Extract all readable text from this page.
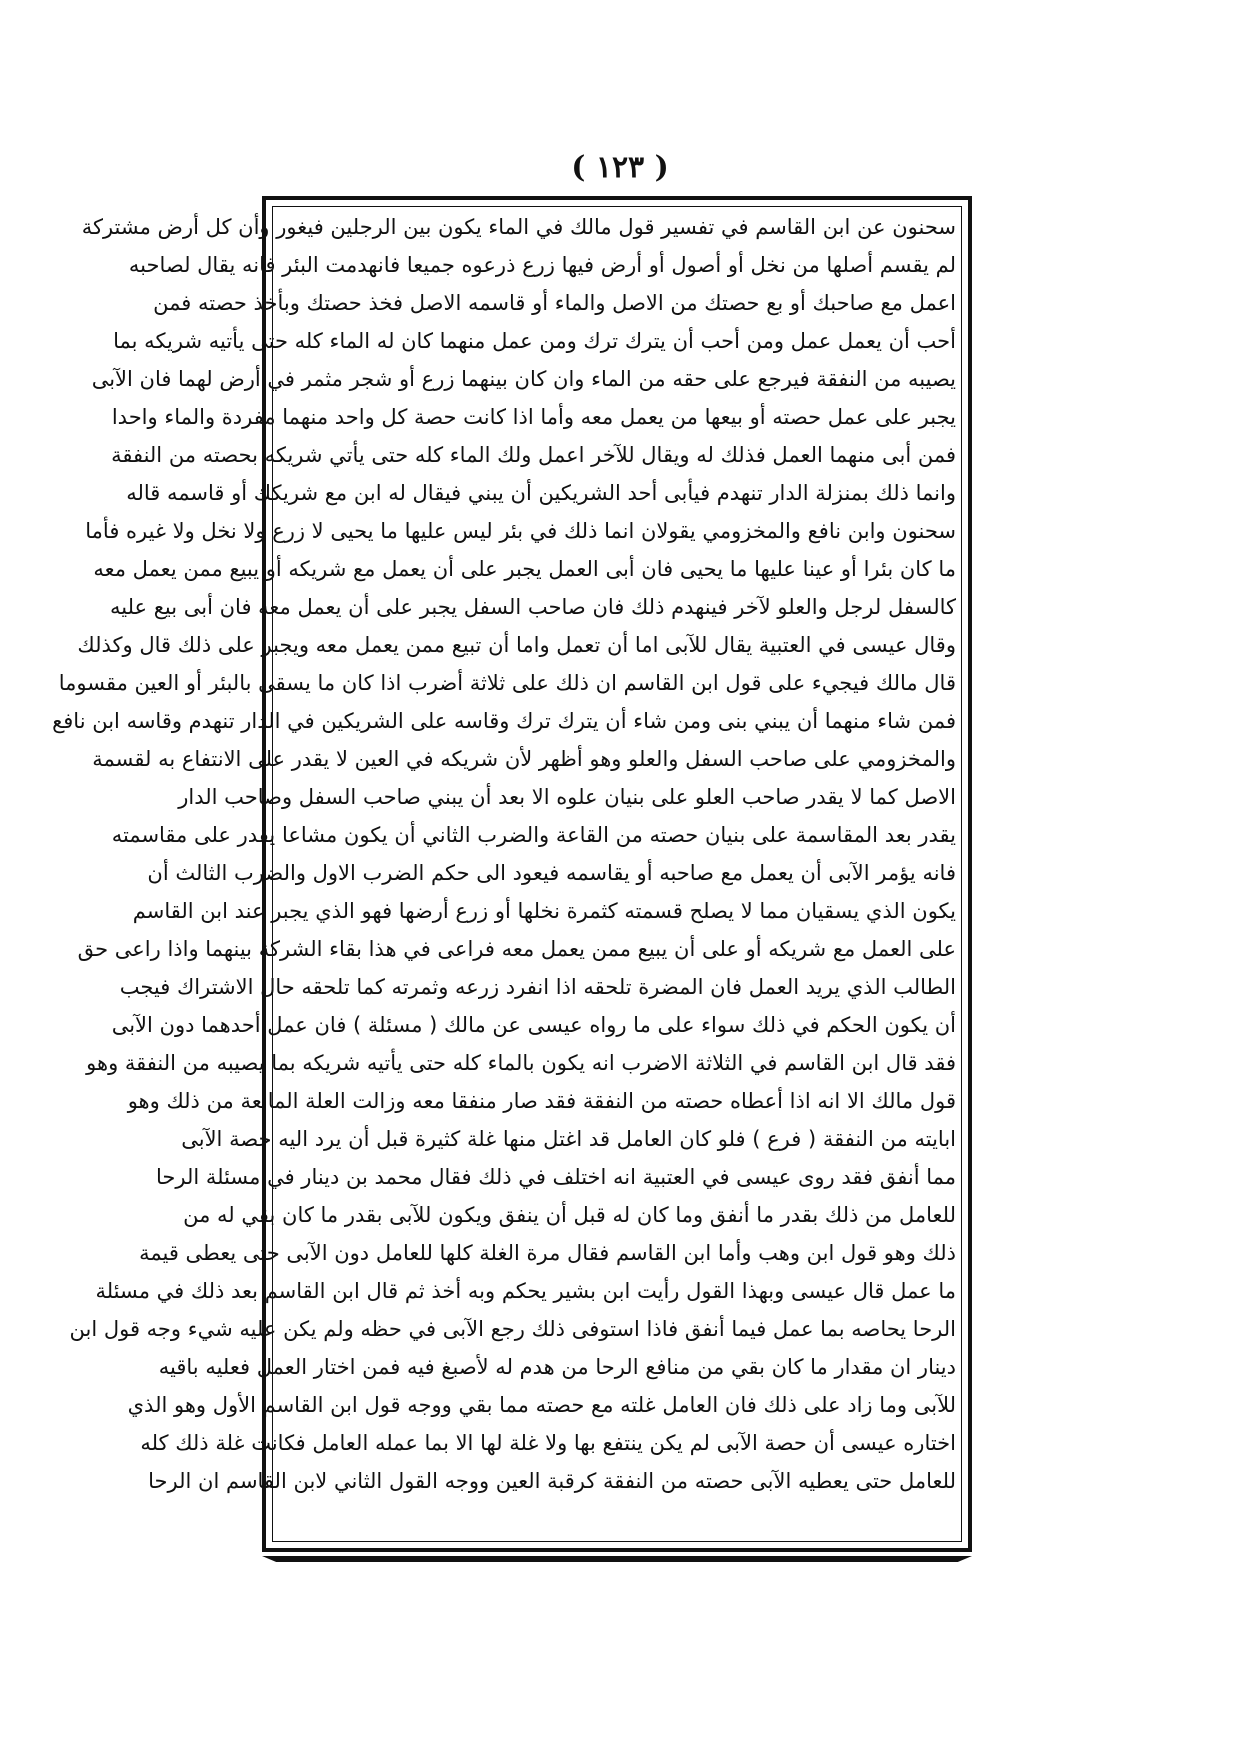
( ١٢٣ )
سحنون عن ابن القاسم في تفسير قول مالك في الماء يكون بين الرجلين فيغور وأن كل أرض مشتركة
لم يقسم أصلها من نخل أو أصول أو أرض فيها زرع ذرعوه جميعا فانهدمت البئر فانه يقال لصاحبه
اعمل مع صاحبك أو بع حصتك من الاصل والماء أو قاسمه الاصل فخذ حصتك وبأخذ حصته فمن
أحب أن يعمل عمل ومن أحب أن يترك ترك ومن عمل منهما كان له الماء كله حتى يأتيه شريكه بما
يصيبه من النفقة فيرجع على حقه من الماء وان كان بينهما زرع أو شجر مثمر في أرض لهما فان الآبى
يجبر على عمل حصته أو بيعها من يعمل معه وأما اذا كانت حصة كل واحد منهما مفردة والماء واحدا
فمن أبى منهما العمل فذلك له ويقال للآخر اعمل ولك الماء كله حتى يأتي شريكه بحصته من النفقة
وانما ذلك بمنزلة الدار تنهدم فيأبى أحد الشريكين أن يبني فيقال له ابن مع شريكك أو قاسمه قاله
سحنون وابن نافع والمخزومي يقولان انما ذلك في بئر ليس عليها ما يحيى لا زرع ولا نخل ولا غيره فأما
ما كان بئرا أو عينا عليها ما يحيى فان أبى العمل يجبر على أن يعمل مع شريكه أو يبيع ممن يعمل معه
كالسفل لرجل والعلو لآخر فينهدم ذلك فان صاحب السفل يجبر على أن يعمل معه فان أبى بيع عليه
وقال عيسى في العتبية يقال للآبى اما أن تعمل واما أن تبيع ممن يعمل معه ويجبر على ذلك قال وكذلك
قال مالك فيجيء على قول ابن القاسم ان ذلك على ثلاثة أضرب اذا كان ما يسقى بالبئر أو العين مقسوما
فمن شاء منهما أن يبني بنى ومن شاء أن يترك ترك وقاسه على الشريكين في الدار تنهدم وقاسه ابن نافع
والمخزومي على صاحب السفل والعلو وهو أظهر لأن شريكه في العين لا يقدر على الانتفاع به لقسمة
الاصل كما لا يقدر صاحب العلو على بنيان علوه الا بعد أن يبني صاحب السفل وصاحب الدار
يقدر بعد المقاسمة على بنيان حصته من القاعة والضرب الثاني أن يكون مشاعا يقدر على مقاسمته
فانه يؤمر الآبى أن يعمل مع صاحبه أو يقاسمه فيعود الى حكم الضرب الاول والضرب الثالث أن
يكون الذي يسقيان مما لا يصلح قسمته كثمرة نخلها أو زرع أرضها فهو الذي يجبر عند ابن القاسم
على العمل مع شريكه أو على أن يبيع ممن يعمل معه فراعى في هذا بقاء الشركة بينهما واذا راعى حق
الطالب الذي يريد العمل فان المضرة تلحقه اذا انفرد زرعه وثمرته كما تلحقه حال الاشتراك فيجب
أن يكون الحكم في ذلك سواء على ما رواه عيسى عن مالك ( مسئلة ) فان عمل أحدهما دون الآبى
فقد قال ابن القاسم في الثلاثة الاضرب انه يكون بالماء كله حتى يأتيه شريكه بما يصيبه من النفقة وهو
قول مالك الا انه اذا أعطاه حصته من النفقة فقد صار منفقا معه وزالت العلة المانعة من ذلك وهو
ابايته من النفقة ( فرع ) فلو كان العامل قد اغتل منها غلة كثيرة قبل أن يرد اليه حصة الآبى
مما أنفق فقد روى عيسى في العتبية انه اختلف في ذلك فقال محمد بن دينار في مسئلة الرحا
للعامل من ذلك بقدر ما أنفق وما كان له قبل أن ينفق ويكون للآبى بقدر ما كان بقي له من
ذلك وهو قول ابن وهب وأما ابن القاسم فقال مرة الغلة كلها للعامل دون الآبى حتى يعطى قيمة
ما عمل قال عيسى وبهذا القول رأيت ابن بشير يحكم وبه أخذ ثم قال ابن القاسم بعد ذلك في مسئلة
الرحا يحاصه بما عمل فيما أنفق فاذا استوفى ذلك رجع الآبى في حظه ولم يكن عليه شيء وجه قول ابن
دينار ان مقدار ما كان بقي من منافع الرحا من هدم له لأصبغ فيه فمن اختار العمل فعليه باقيه
للآبى وما زاد على ذلك فان العامل غلته مع حصته مما بقي ووجه قول ابن القاسم الأول وهو الذي
اختاره عيسى أن حصة الآبى لم يكن ينتفع بها ولا غلة لها الا بما عمله العامل فكانت غلة ذلك كله
للعامل حتى يعطيه الآبى حصته من النفقة كرقبة العين ووجه القول الثاني لابن القاسم ان الرحا
